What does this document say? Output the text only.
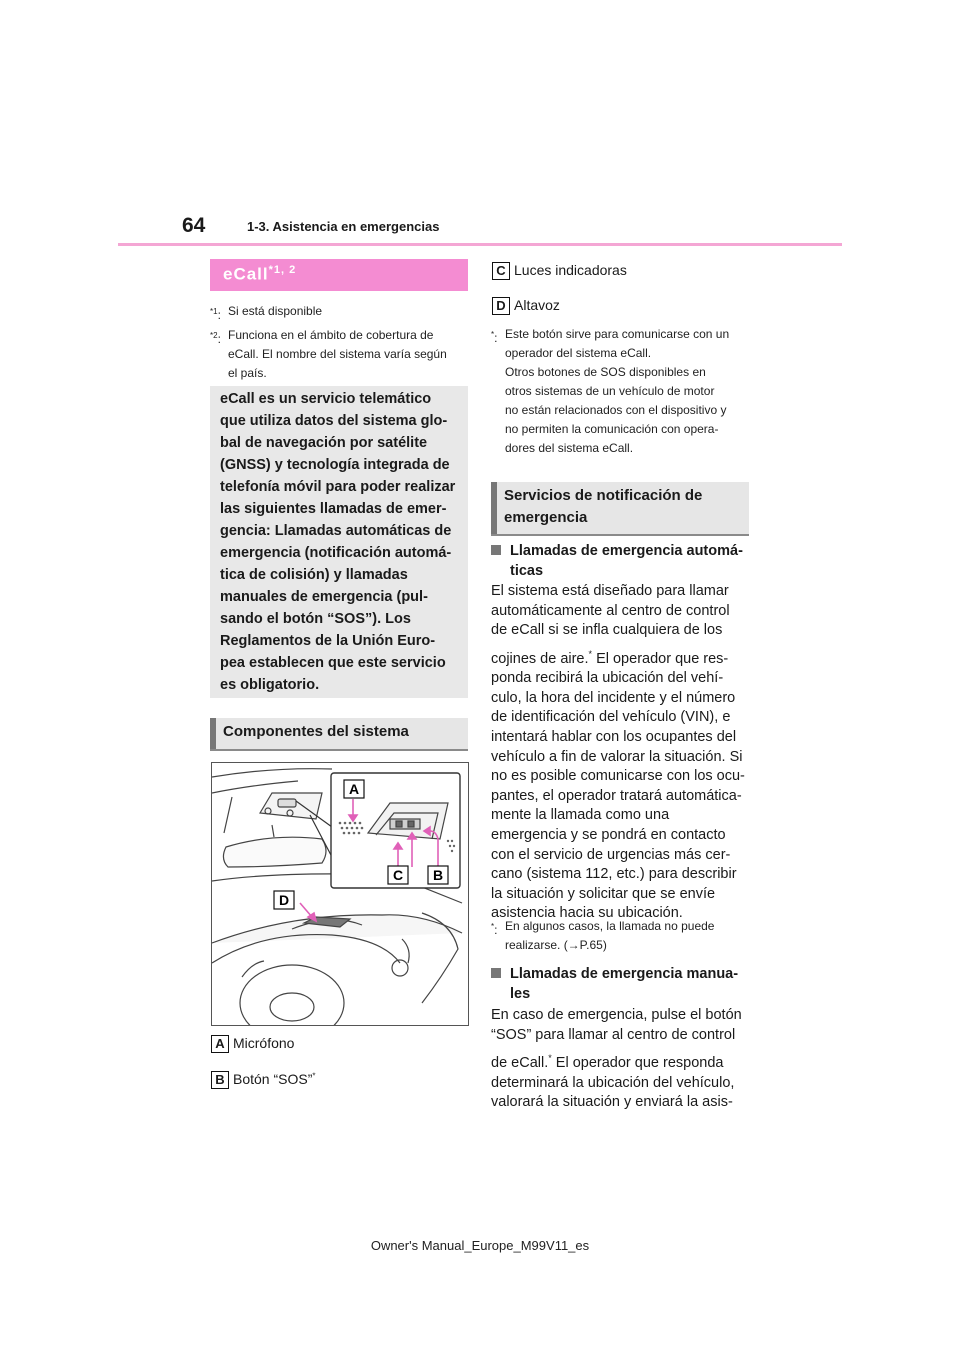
64	1-3. Asistencia en emergencias
eCall$^{*1, 2}$
$^{*1}$: Si está disponible
$^{*2}$: Funciona en el ámbito de cobertura de
eCall. El nombre del sistema varía según
el país.
eCall es un servicio telemático
que utiliza datos del sistema glo-
bal de navegación por satélite
(GNSS) y tecnología integrada de
telefonía móvil para poder realizar
las siguientes llamadas de emer-
gencia: Llamadas automáticas de
emergencia (notificación automá-
tica de colisión) y llamadas
manuales de emergencia (pul-
sando el botón “SOS”). Los
Reglamentos de la Unión Euro-
pea establecen que este servicio
es obligatorio.
Componentes del sistema
A
C B
D
A Micrófono
B Botón “SOS”*
C Luces indicadoras
D Altavoz
*: Este botón sirve para comunicarse con un
operador del sistema eCall.
Otros botones de SOS disponibles en
otros sistemas de un vehículo de motor
no están relacionados con el dispositivo y
no permiten la comunicación con opera-
dores del sistema eCall.
Servicios de notificación de
emergencia
Llamadas de emergencia automá-
ticas
El sistema está diseñado para llamar
automáticamente al centro de control
de eCall si se infla cualquiera de los
cojines de aire.* El operador que res-
ponda recibirá la ubicación del vehí-
culo, la hora del incidente y el número
de identificación del vehículo (VIN), e
intentará hablar con los ocupantes del
vehículo a fin de valorar la situación. Si
no es posible comunicarse con los ocu-
pantes, el operador tratará automática-
mente la llamada como una
emergencia y se pondrá en contacto
con el servicio de urgencias más cer-
cano (sistema 112, etc.) para describir
la situación y solicitar que se envíe
asistencia hacia su ubicación.
*: En algunos casos, la llamada no puede
realizarse. (→P.65)
Llamadas de emergencia manua-
les
En caso de emergencia, pulse el botón
“SOS” para llamar al centro de control
de eCall.* El operador que responda
determinará la ubicación del vehículo,
valorará la situación y enviará la asis-
Owner's Manual_Europe_M99V11_es
